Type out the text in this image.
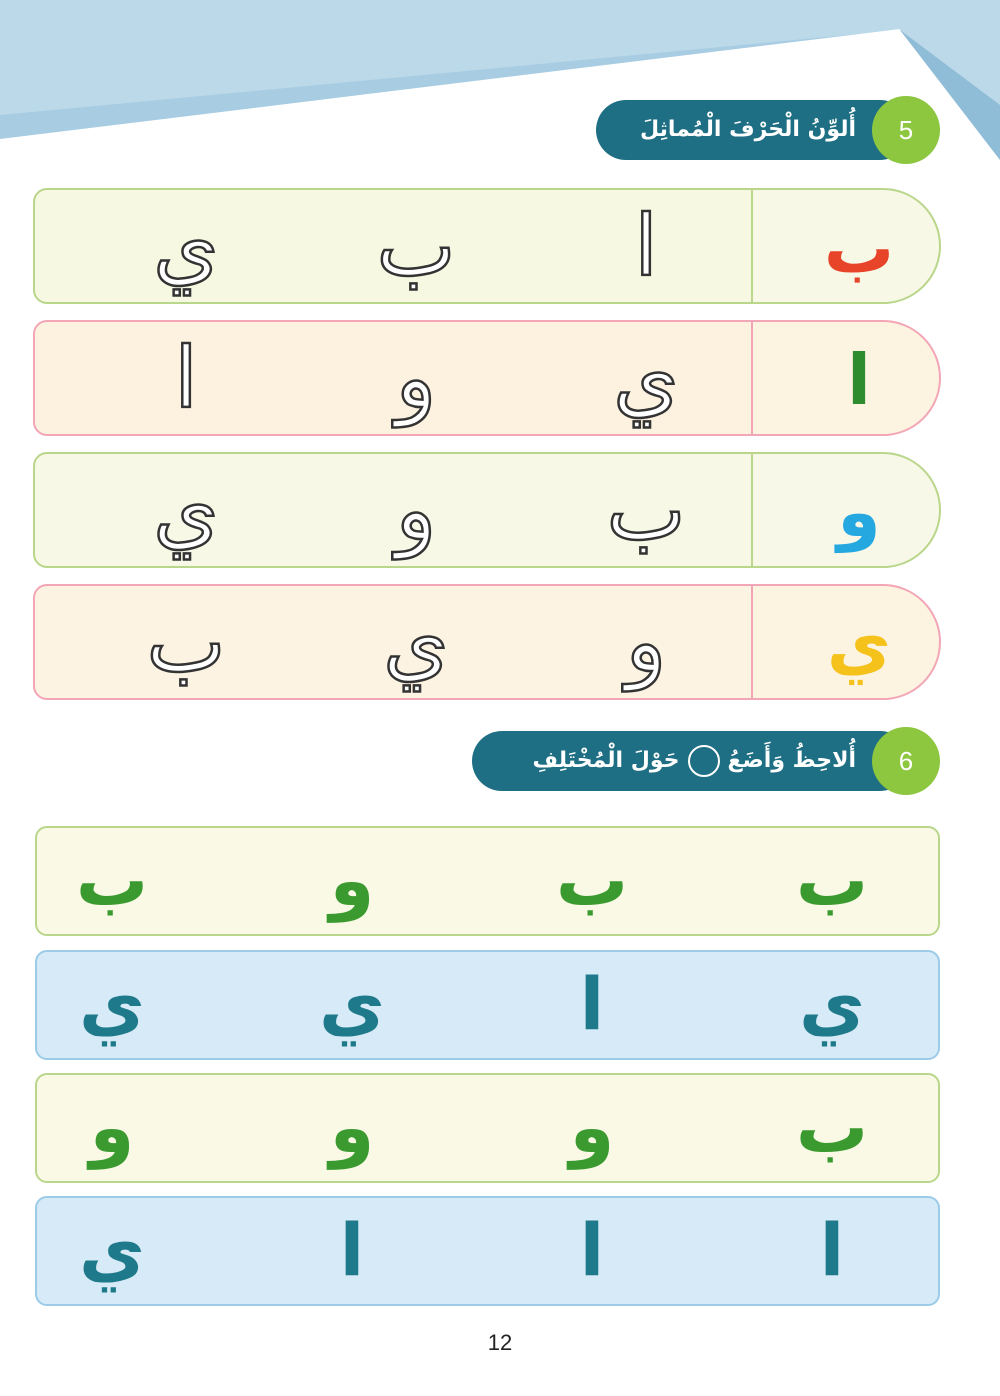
5
أُلوِّنُ الْحَرْفَ الْمُماثِلَ
ب
ا
ب
ي
ا
ي
و
ا
و
ب
و
ي
ي
و
ي
ب
6
أُلاحِظُ وَأَضَعُحَوْلَ الْمُخْتَلِفِ
ب
ب
و
ب
ي
ا
ي
ي
ب
و
و
و
ا
ا
ا
ي
12
